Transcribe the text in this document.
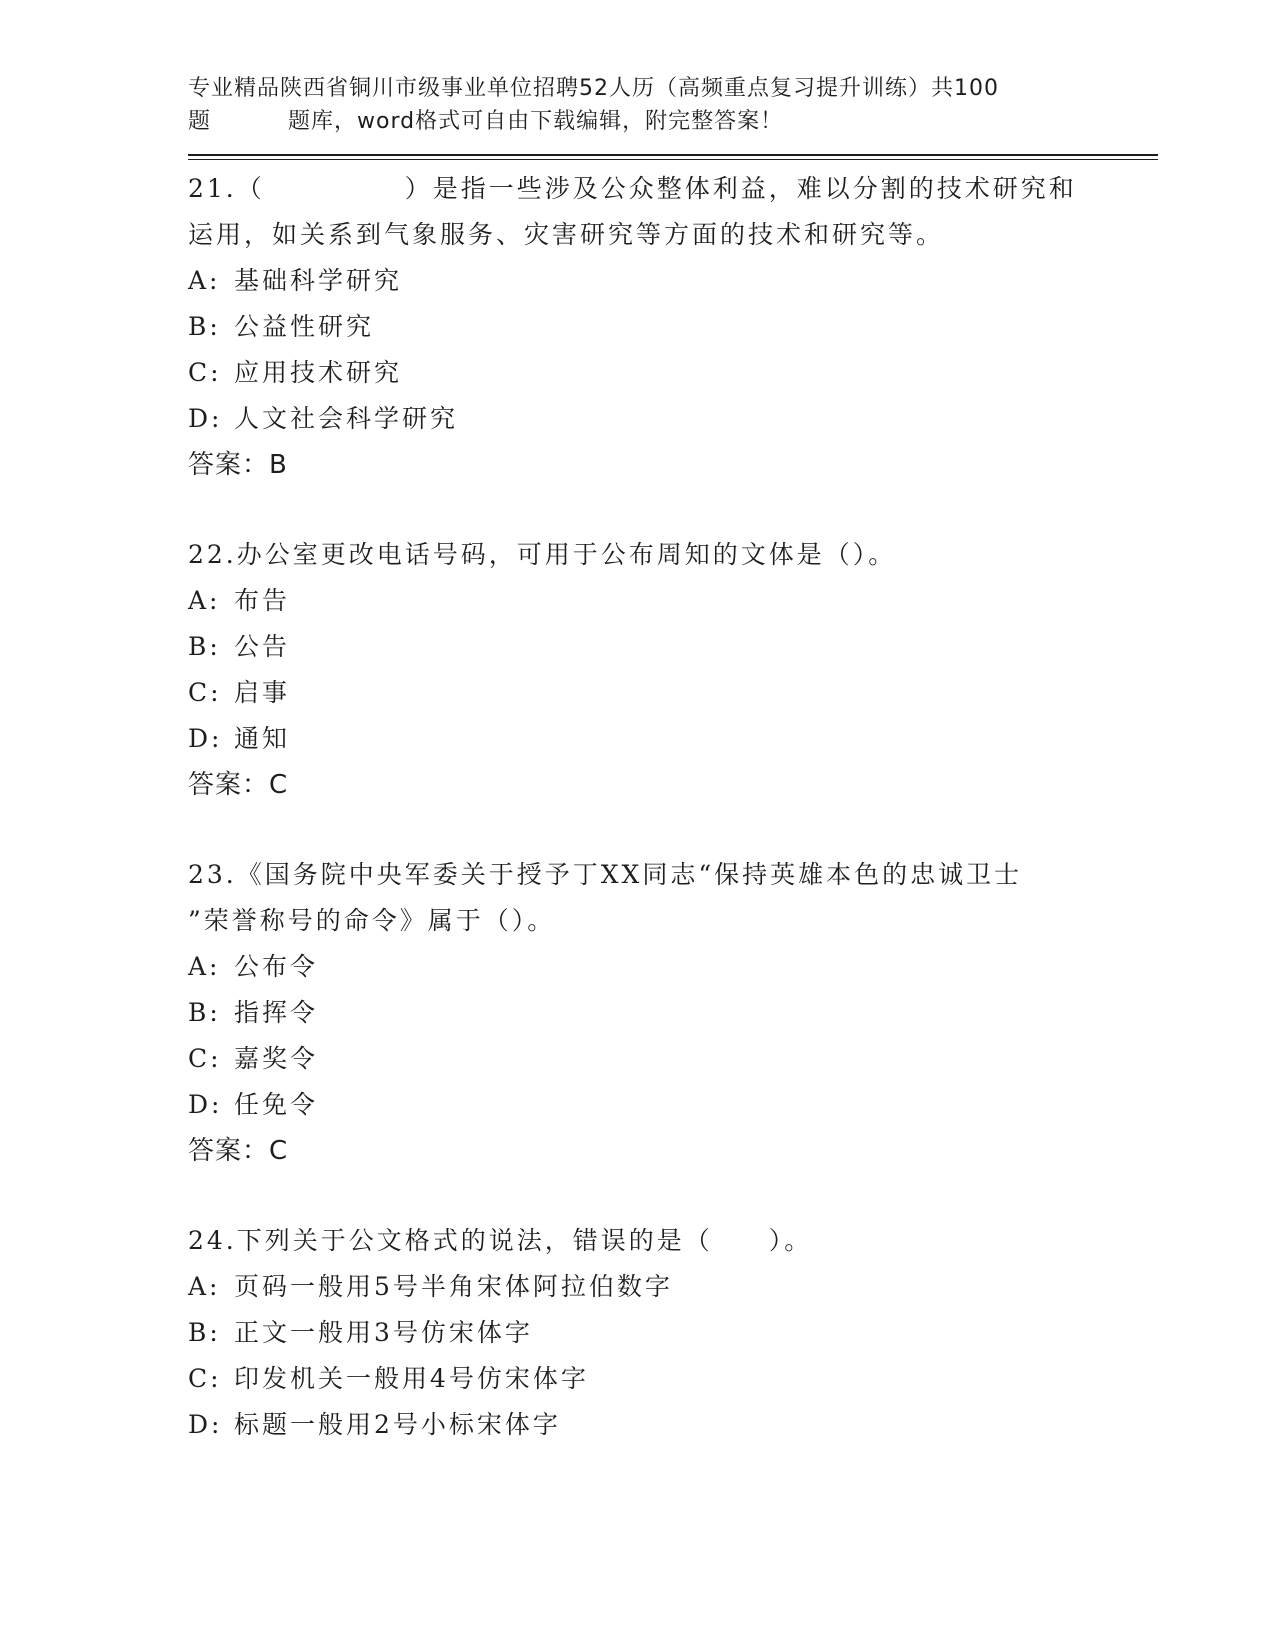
专业精品陕西省铜川市级事业单位招聘52人历（高频重点复习提升训练）共100
题	题库，word格式可自由下载编辑，附完整答案！
21.（　　　　　）是指一些涉及公众整体利益，难以分割的技术研究和
运用，如关系到气象服务、灾害研究等方面的技术和研究等。
A: 基础科学研究
B: 公益性研究
C: 应用技术研究
D: 人文社会科学研究
答案：B
22.办公室更改电话号码，可用于公布周知的文体是（）。
A: 布告
B: 公告
C: 启事
D: 通知
答案：C
23.《国务院中央军委关于授予丁XX同志“保持英雄本色的忠诚卫士
”荣誉称号的命令》属于（）。
A: 公布令
B: 指挥令
C: 嘉奖令
D: 任免令
答案：C
24.下列关于公文格式的说法，错误的是（　　）。
A: 页码一般用5号半角宋体阿拉伯数字
B: 正文一般用3号仿宋体字
C: 印发机关一般用4号仿宋体字
D: 标题一般用2号小标宋体字
